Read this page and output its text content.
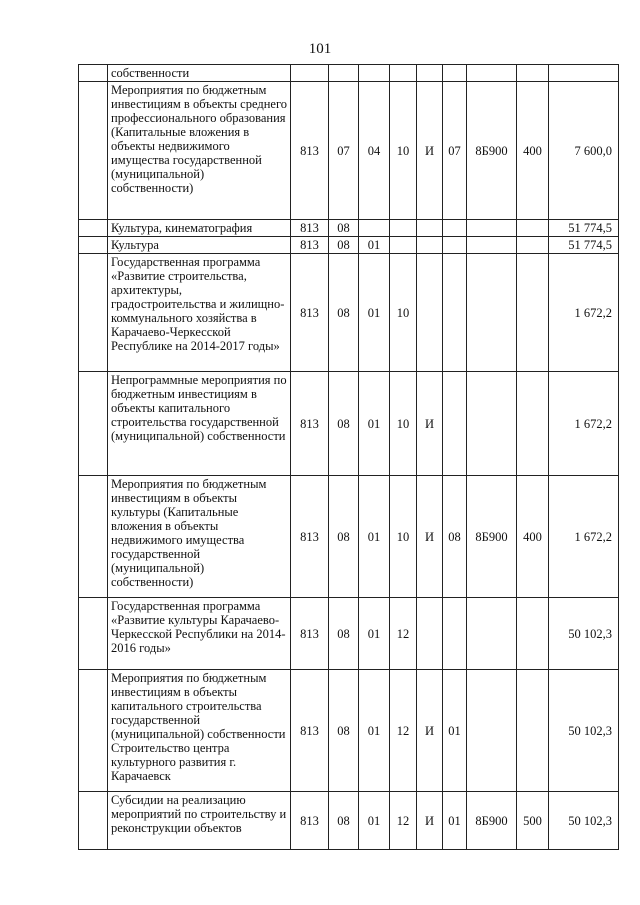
101
	собственности									
	Мероприятия по бюджетным инвестициям в объекты среднего профессионального образования (Капитальные вложения в объекты недвижимого имущества государственной (муниципальной) собственности)	813	07	04	10	И	07	8Б900	400	7 600,0
	Культура, кинематография	813	08							51 774,5
	Культура	813	08	01						51 774,5
	Государственная программа «Развитие строительства, архитектуры, градостроительства и жилищно-коммунального хозяйства в Карачаево-Черкесской Республике на 2014-2017 годы»	813	08	01	10					1 672,2
	Непрограммные мероприятия по бюджетным инвестициям в объекты капитального строительства государственной (муниципальной) собственности	813	08	01	10	И				1 672,2
	Мероприятия по бюджетным инвестициям в объекты культуры (Капитальные вложения в объекты недвижимого имущества государственной (муниципальной) собственности)	813	08	01	10	И	08	8Б900	400	1 672,2
	Государственная программа «Развитие культуры Карачаево-Черкесской Республики на 2014-2016 годы»	813	08	01	12					50 102,3
	Мероприятия по бюджетным инвестициям в объекты капитального строительства государственной (муниципальной) собственности Строительство центра культурного развития г. Карачаевск	813	08	01	12	И	01			50 102,3
	Субсидии на реализацию мероприятий по строительству и реконструкции объектов	813	08	01	12	И	01	8Б900	500	50 102,3
